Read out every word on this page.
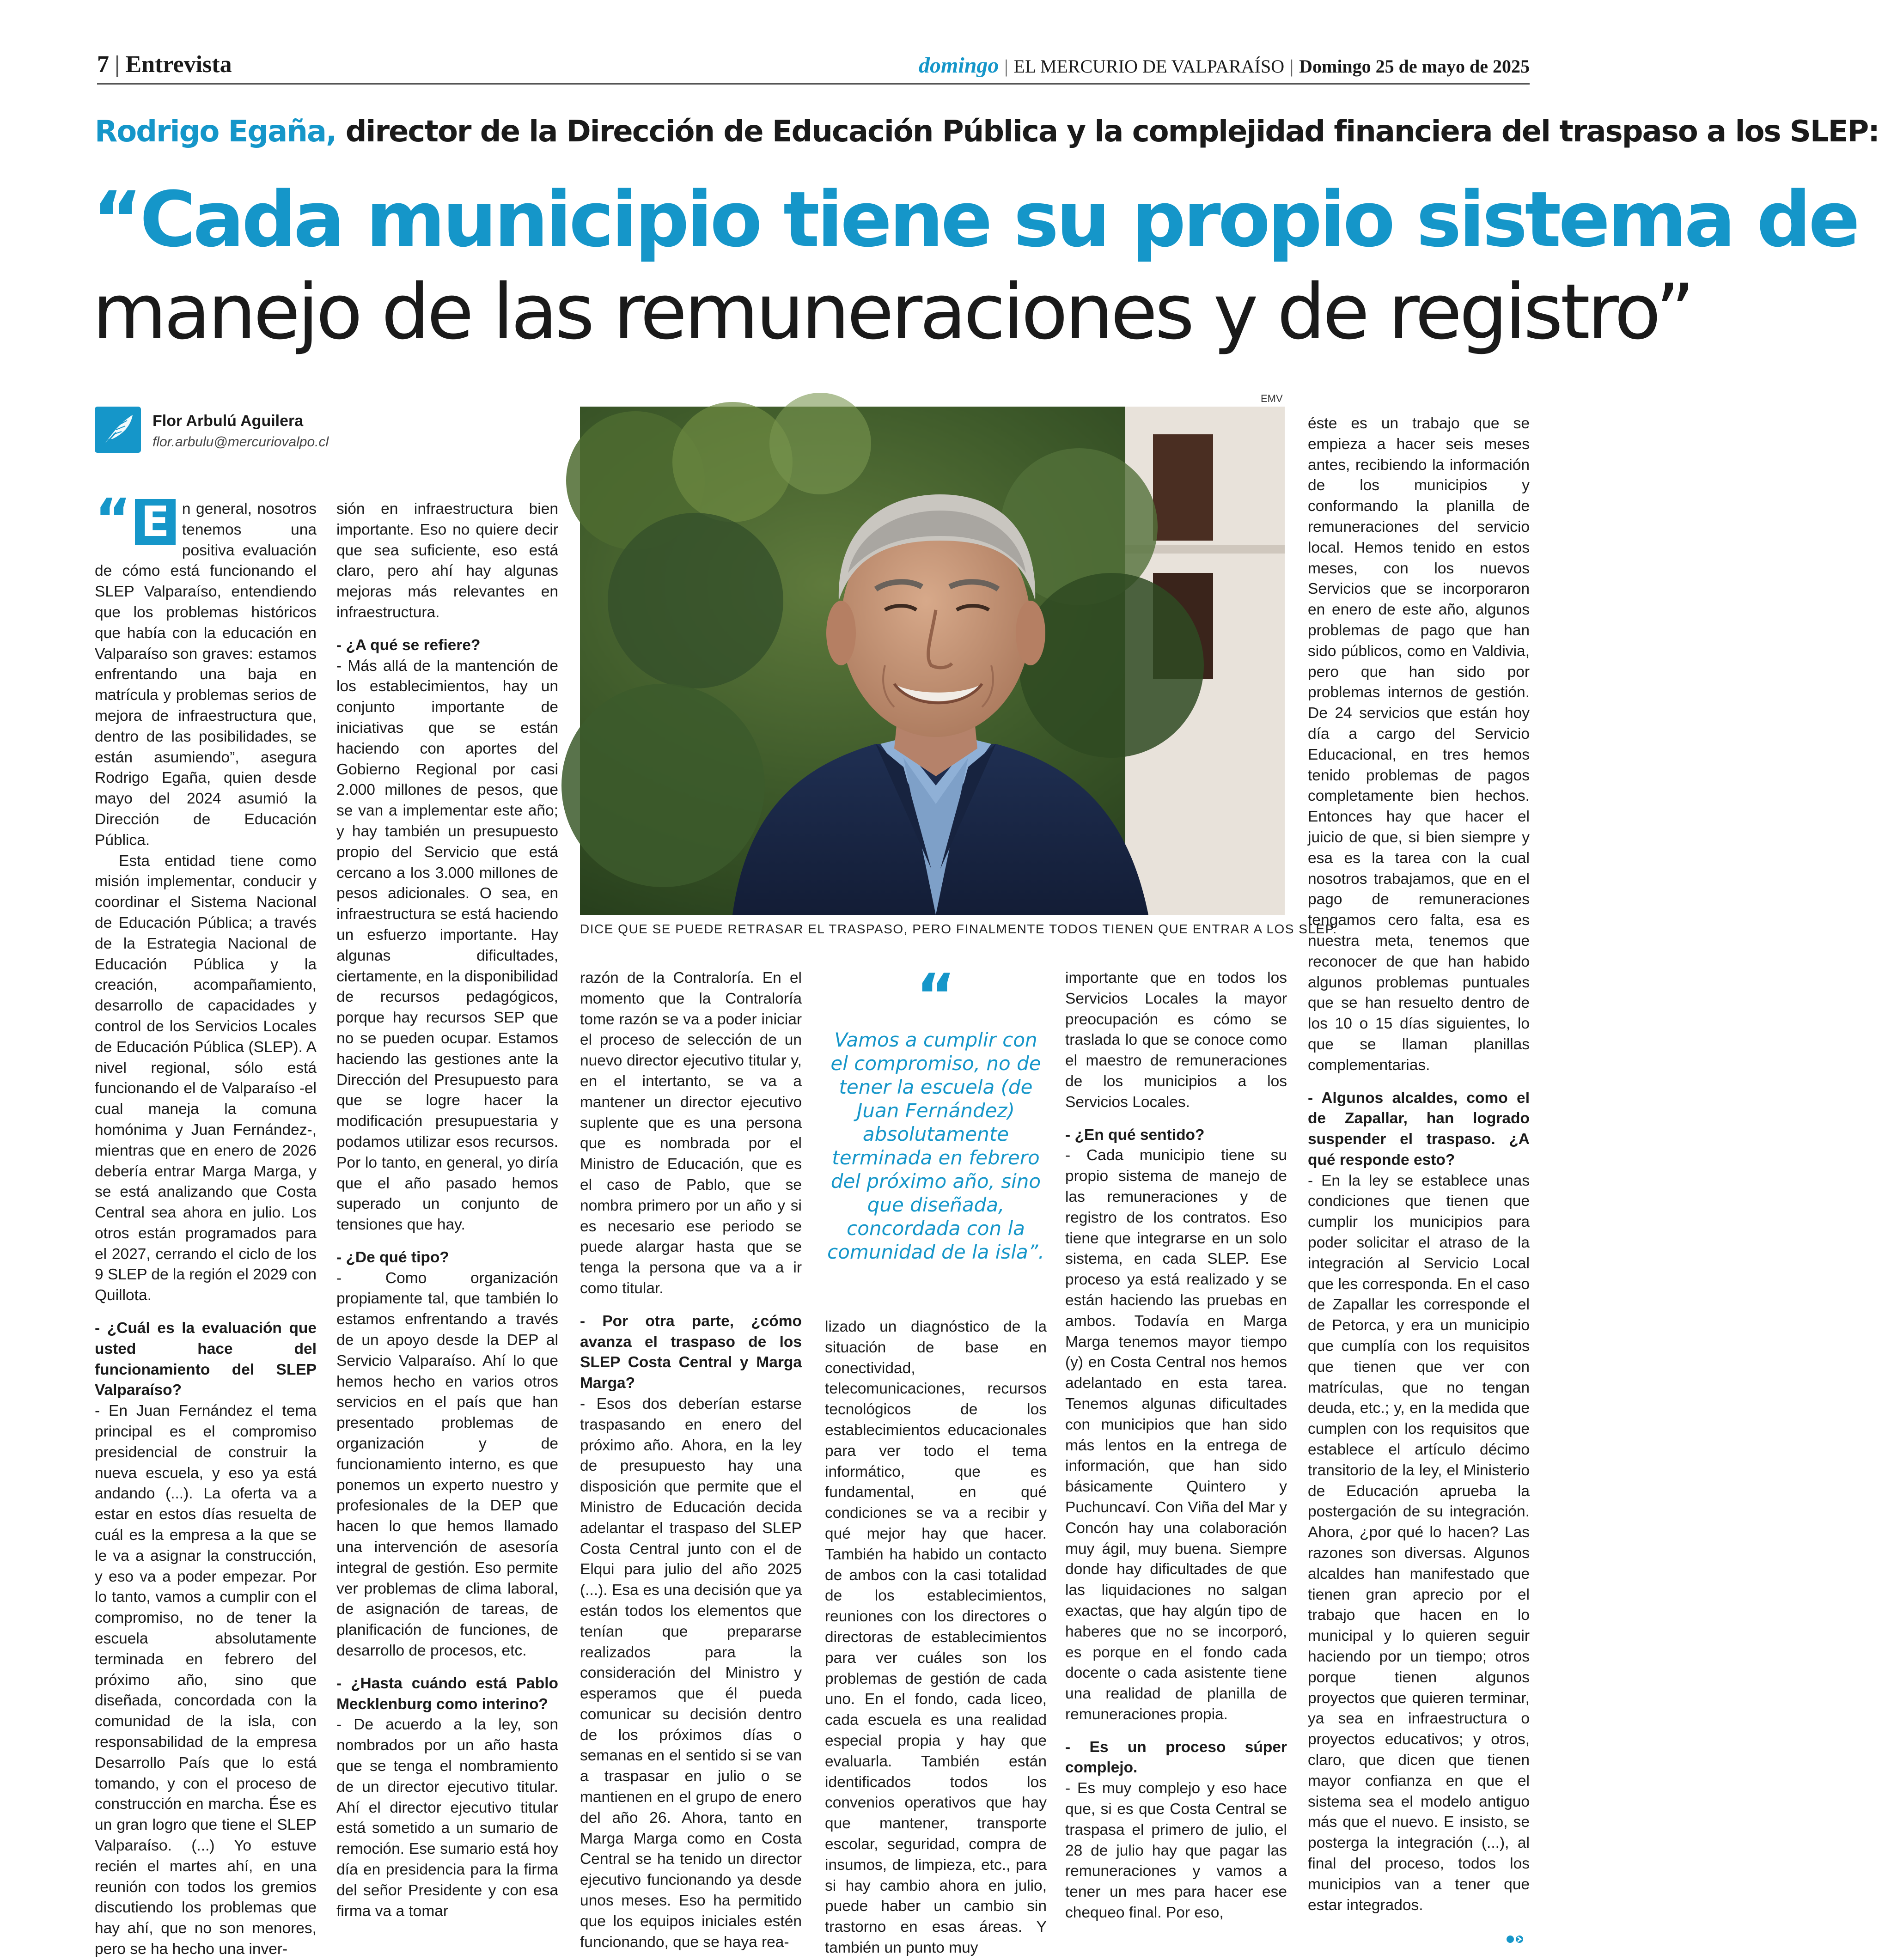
7 | Entrevista	domingo | EL MERCURIO DE VALPARAÍSO | Domingo 25 de mayo de 2025
Rodrigo Egaña, director de la Dirección de Educación Pública y la complejidad financiera del traspaso a los SLEP:
“Cada municipio tiene su propio sistema de
manejo de las remuneraciones y de registro”
Flor Arbulú Aguilera
flor.arbulu@mercuriovalpo.cl
EMV
DICE QUE SE PUEDE RETRASAR EL TRASPASO, PERO FINALMENTE TODOS TIENEN QUE ENTRAR A LOS SLEP.
“ E n general, nosotros tenemos una positiva evaluación de cómo está funcionando el SLEP Valparaíso, entendiendo que los problemas históricos que había con la educación en Valparaíso son graves: estamos enfrentando una baja en matrícula y problemas serios de mejora de infraestructura que, dentro de las posibilidades, se están asumiendo”, asegura Rodrigo Egaña, quien desde mayo del 2024 asumió la Dirección de Educación Pública.

Esta entidad tiene como misión implementar, conducir y coordinar el Sistema Nacional de Educación Pública; a través de la Estrategia Nacional de Educación Pública y la creación, acompañamiento, desarrollo de capacidades y control de los Servicios Locales de Educación Pública (SLEP). A nivel regional, sólo está funcionando el de Valparaíso -el cual maneja la comuna homónima y Juan Fernández-, mientras que en enero de 2026 debería entrar Marga Marga, y se está analizando que Costa Central sea ahora en julio. Los otros están programados para el 2027, cerrando el ciclo de los 9 SLEP de la región el 2029 con Quillota.

- ¿Cuál es la evaluación que usted hace del funcionamiento del SLEP Valparaíso?

- En Juan Fernández el tema principal es el compromiso presidencial de construir la nueva escuela, y eso ya está andando (...). La oferta va a estar en estos días resuelta de cuál es la empresa a la que se le va a asignar la construcción, y eso va a poder empezar. Por lo tanto, vamos a cumplir con el compromiso, no de tener la escuela absolutamente terminada en febrero del próximo año, sino que diseñada, concordada con la comunidad de la isla, con responsabilidad de la empresa Desarrollo País que lo está tomando, y con el proceso de construcción en marcha. Ése es un gran logro que tiene el SLEP Valparaíso. (...) Yo estuve recién el martes ahí, en una reunión con todos los gremios discutiendo los problemas que hay ahí, que no son menores, pero se ha hecho una inver-

sión en infraestructura bien importante. Eso no quiere decir que sea suficiente, eso está claro, pero ahí hay algunas mejoras más relevantes en infraestructura.

- ¿A qué se refiere?

- Más allá de la mantención de los establecimientos, hay un conjunto importante de iniciativas que se están haciendo con aportes del Gobierno Regional por casi 2.000 millones de pesos, que se van a implementar este año; y hay también un presupuesto propio del Servicio que está cercano a los 3.000 millones de pesos adicionales. O sea, en infraestructura se está haciendo un esfuerzo importante. Hay algunas dificultades, ciertamente, en la disponibilidad de recursos pedagógicos, porque hay recursos SEP que no se pueden ocupar. Estamos haciendo las gestiones ante la Dirección del Presupuesto para que se logre hacer la modificación presupuestaria y podamos utilizar esos recursos. Por lo tanto, en general, yo diría que el año pasado hemos superado un conjunto de tensiones que hay.

- ¿De qué tipo?

- Como organización propiamente tal, que también lo estamos enfrentando a través de un apoyo desde la DEP al Servicio Valparaíso. Ahí lo que hemos hecho en varios otros servicios en el país que han presentado problemas de organización y de funcionamiento interno, es que ponemos un experto nuestro y profesionales de la DEP que hacen lo que hemos llamado una intervención de asesoría integral de gestión. Eso permite ver problemas de clima laboral, de asignación de tareas, de planificación de funciones, de desarrollo de procesos, etc.

- ¿Hasta cuándo está Pablo Mecklenburg como interino?

- De acuerdo a la ley, son nombrados por un año hasta que se tenga el nombramiento de un director ejecutivo titular. Ahí el director ejecutivo titular está sometido a un sumario de remoción. Ese sumario está hoy día en presidencia para la firma del señor Presidente y con esa firma va a tomar

razón de la Contraloría. En el momento que la Contraloría tome razón se va a poder iniciar el proceso de selección de un nuevo director ejecutivo titular y, en el intertanto, se va a mantener un director ejecutivo suplente que es una persona que es nombrada por el Ministro de Educación, que es el caso de Pablo, que se nombra primero por un año y si es necesario ese periodo se puede alargar hasta que se tenga la persona que va a ir como titular.

- Por otra parte, ¿cómo avanza el traspaso de los SLEP Costa Central y Marga Marga?

- Esos dos deberían estarse traspasando en enero del próximo año. Ahora, en la ley de presupuesto hay una disposición que permite que el Ministro de Educación decida adelantar el traspaso del SLEP Costa Central junto con el de Elqui para julio del año 2025 (...). Esa es una decisión que ya están todos los elementos que tenían que prepararse realizados para la consideración del Ministro y esperamos que él pueda comunicar su decisión dentro de los próximos días o semanas en el sentido si se van a traspasar en julio o se mantienen en el grupo de enero del año 26. Ahora, tanto en Marga Marga como en Costa Central se ha tenido un director ejecutivo funcionando ya desde unos meses. Eso ha permitido que los equipos iniciales estén funcionando, que se haya rea-

“
Vamos a cumplir con el compromiso, no de tener la escuela (de Juan Fernández) absolutamente terminada en febrero del próximo año, sino que diseñada, concordada con la comunidad de la isla”.

lizado un diagnóstico de la situación de base en conectividad, telecomunicaciones, recursos tecnológicos de los establecimientos educacionales para ver todo el tema informático, que es fundamental, en qué condiciones se va a recibir y qué mejor hay que hacer. También ha habido un contacto de ambos con la casi totalidad de los establecimientos, reuniones con los directores o directoras de establecimientos para ver cuáles son los problemas de gestión de cada uno. En el fondo, cada liceo, cada escuela es una realidad especial propia y hay que evaluarla. También están identificados todos los convenios operativos que hay que mantener, transporte escolar, seguridad, compra de insumos, de limpieza, etc., para si hay cambio ahora en julio, puede haber un cambio sin trastorno en esas áreas. Y también un punto muy

importante que en todos los Servicios Locales la mayor preocupación es cómo se traslada lo que se conoce como el maestro de remuneraciones de los municipios a los Servicios Locales.

- ¿En qué sentido?

- Cada municipio tiene su propio sistema de manejo de las remuneraciones y de registro de los contratos. Eso tiene que integrarse en un solo sistema, en cada SLEP. Ese proceso ya está realizado y se están haciendo las pruebas en ambos. Todavía en Marga Marga tenemos mayor tiempo (y) en Costa Central nos hemos adelantado en esta tarea. Tenemos algunas dificultades con municipios que han sido más lentos en la entrega de información, que han sido básicamente Quintero y Puchuncaví. Con Viña del Mar y Concón hay una colaboración muy ágil, muy buena. Siempre donde hay dificultades de que las liquidaciones no salgan exactas, que hay algún tipo de haberes que no se incorporó, es porque en el fondo cada docente o cada asistente tiene una realidad de planilla de remuneraciones propia.

- Es un proceso súper complejo.

- Es muy complejo y eso hace que, si es que Costa Central se traspasa el primero de julio, el 28 de julio hay que pagar las remuneraciones y vamos a tener un mes para hacer ese chequeo final. Por eso,

éste es un trabajo que se empieza a hacer seis meses antes, recibiendo la información de los municipios y conformando la planilla de remuneraciones del servicio local. Hemos tenido en estos meses, con los nuevos Servicios que se incorporaron en enero de este año, algunos problemas de pago que han sido públicos, como en Valdivia, pero que han sido por problemas internos de gestión. De 24 servicios que están hoy día a cargo del Servicio Educacional, en tres hemos tenido problemas de pagos completamente bien hechos. Entonces hay que hacer el juicio de que, si bien siempre y esa es la tarea con la cual nosotros trabajamos, que en el pago de remuneraciones tengamos cero falta, esa es nuestra meta, tenemos que reconocer de que han habido algunos problemas puntuales que se han resuelto dentro de los 10 o 15 días siguientes, lo que se llaman planillas complementarias.

- Algunos alcaldes, como el de Zapallar, han logrado suspender el traspaso. ¿A qué responde esto?

- En la ley se establece unas condiciones que tienen que cumplir los municipios para poder solicitar el atraso de la integración al Servicio Local que les corresponda. En el caso de Zapallar les corresponde el de Petorca, y era un municipio que cumplía con los requisitos que tienen que ver con matrículas, que no tengan deuda, etc.; y, en la medida que cumplen con los requisitos que establece el artículo décimo transitorio de la ley, el Ministerio de Educación aprueba la postergación de su integración. Ahora, ¿por qué lo hacen? Las razones son diversas. Algunos alcaldes han manifestado que tienen gran aprecio por el trabajo que hacen en lo municipal y lo quieren seguir haciendo por un tiempo; otros porque tienen algunos proyectos que quieren terminar, ya sea en infraestructura o proyectos educativos; y otros, claro, que dicen que tienen mayor confianza en que el sistema sea el modelo antiguo más que el nuevo. E insisto, se posterga la integración (...), al final del proceso, todos los municipios van a tener que estar integrados.
